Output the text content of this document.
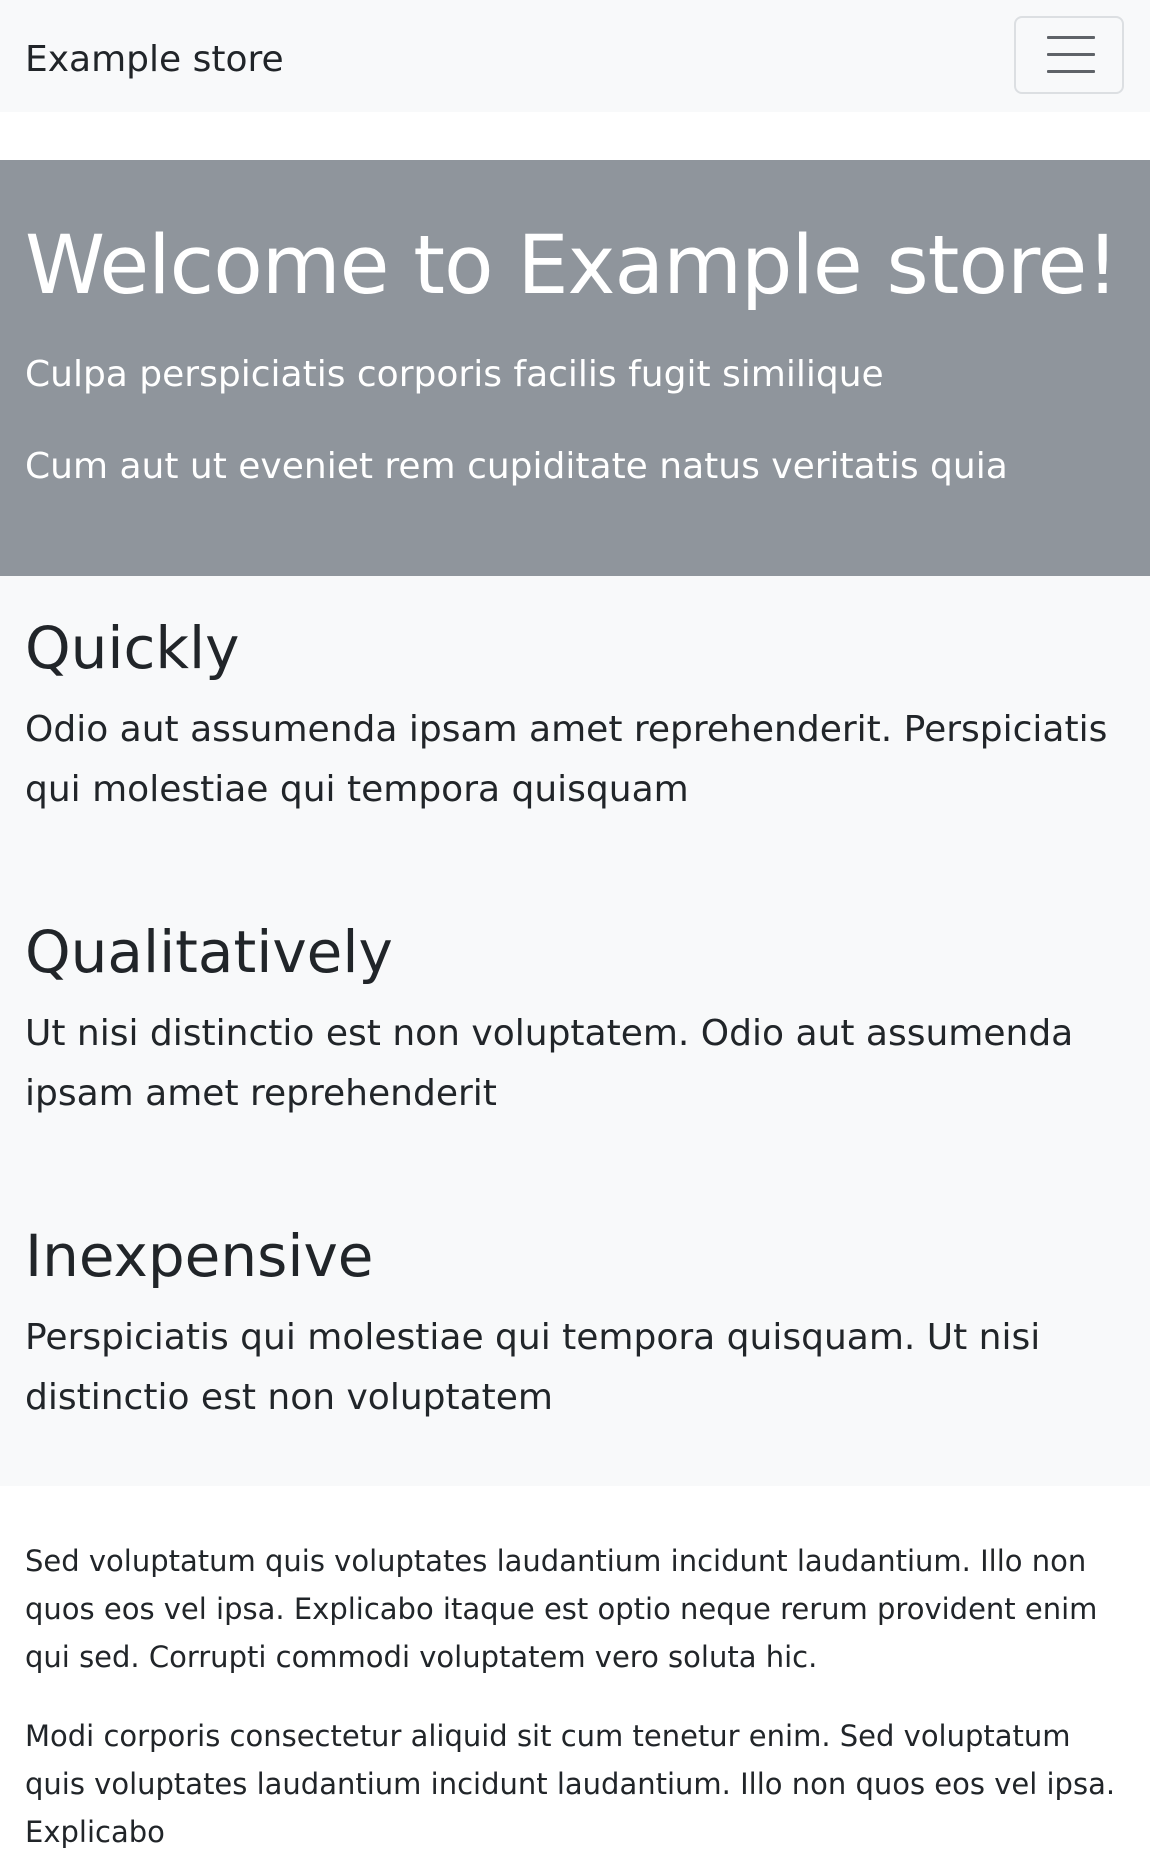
Example store
Welcome to Example store!
Culpa perspiciatis corporis facilis fugit similique
Cum aut ut eveniet rem cupiditate natus veritatis quia
Quickly
Odio aut assumenda ipsam amet reprehenderit. Perspiciatis qui molestiae qui tempora quisquam
Qualitatively
Ut nisi distinctio est non voluptatem. Odio aut assumenda ipsam amet reprehenderit
Inexpensive
Perspiciatis qui molestiae qui tempora quisquam. Ut nisi distinctio est non voluptatem
Sed voluptatum quis voluptates laudantium incidunt laudantium. Illo non quos eos vel ipsa. Explicabo itaque est optio neque rerum provident enim qui sed. Corrupti commodi voluptatem vero soluta hic.
Modi corporis consectetur aliquid sit cum tenetur enim. Sed voluptatum quis voluptates laudantium incidunt laudantium. Illo non quos eos vel ipsa. Explicabo
